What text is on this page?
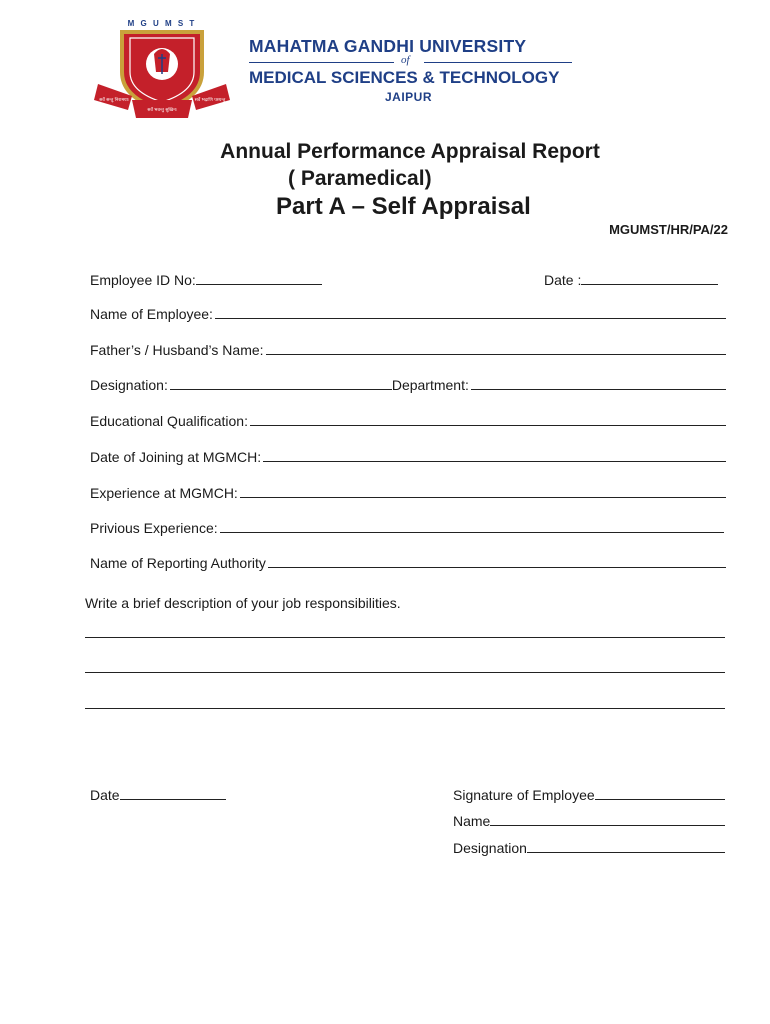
M G U M S T
सर्वे सन्तु निरामयाः
सर्वे भवन्तु सुखिनः
सर्वे भद्राणि पश्यन्तु
MAHATMA GANDHI UNIVERSITY
of
MEDICAL SCIENCES & TECHNOLOGY
JAIPUR
Annual Performance Appraisal Report
( Paramedical)
Part A – Self Appraisal
MGUMST/HR/PA/22
Employee ID No:	Date :
Name of Employee:
Father’s / Husband’s Name:
Designation:	Department:
Educational Qualification:
Date of Joining at MGMCH:
Experience at MGMCH:
Privious Experience:
Name of Reporting Authority
Write a brief description of your job responsibilities.
Date	Signature of Employee
Name
Designation
